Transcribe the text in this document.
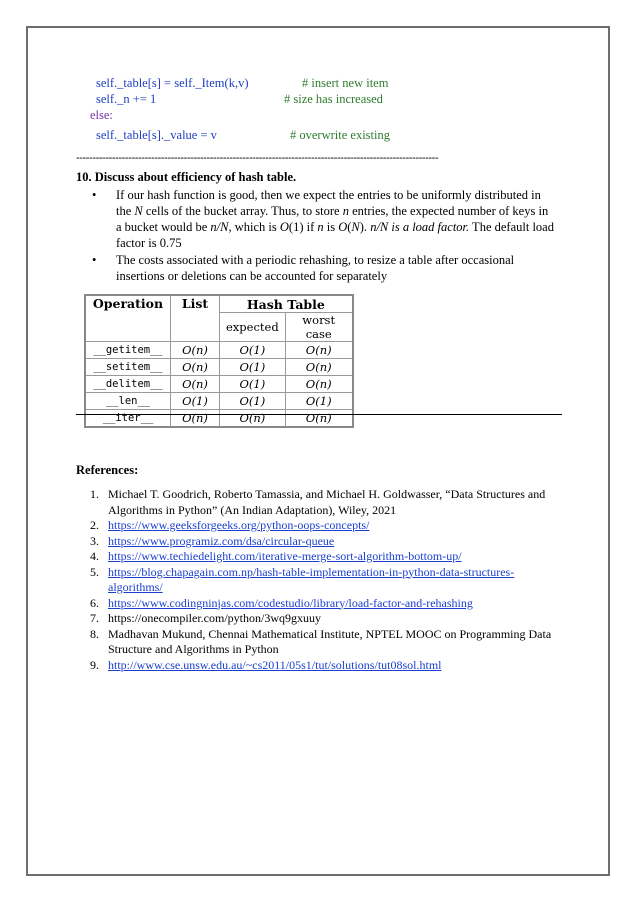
self._table[s] = self._Item(k,v)	# insert new item
self._n += 1	# size has increased
else:
self._table[s]._value = v	# overwrite existing
---------------------------------------------------------------------------------------------------------------
10. Discuss about efficiency of hash table.
• If our hash function is good, then we expect the entries to be uniformly distributed in the N cells of the bucket array. Thus, to store n entries, the expected number of keys in a bucket would be n/N, which is O(1) if n is O(N). n/N is a load factor. The default load factor is 0.75
• The costs associated with a periodic rehashing, to resize a table after occasional insertions or deletions can be accounted for separately
Operation	List	Hash Table	
		expected	worst case
__getitem__	O(n)	O(1)	O(n)
__setitem__	O(n)	O(1)	O(n)
__delitem__	O(n)	O(1)	O(n)
__len__	O(1)	O(1)	O(1)
__iter__	O(n)	O(n)	O(n)
References:
1. Michael T. Goodrich, Roberto Tamassia, and Michael H. Goldwasser, “Data Structures and Algorithms in Python” (An Indian Adaptation), Wiley, 2021
2. https://www.geeksforgeeks.org/python-oops-concepts/
3. https://www.programiz.com/dsa/circular-queue
4. https://www.techiedelight.com/iterative-merge-sort-algorithm-bottom-up/
5. https://blog.chapagain.com.np/hash-table-implementation-in-python-data-structures-algorithms/
6. https://www.codingninjas.com/codestudio/library/load-factor-and-rehashing
7. https://onecompiler.com/python/3wq9gxuuy
8. Madhavan Mukund, Chennai Mathematical Institute, NPTEL MOOC on Programming Data Structure and Algorithms in Python
9. http://www.cse.unsw.edu.au/~cs2011/05s1/tut/solutions/tut08sol.html
